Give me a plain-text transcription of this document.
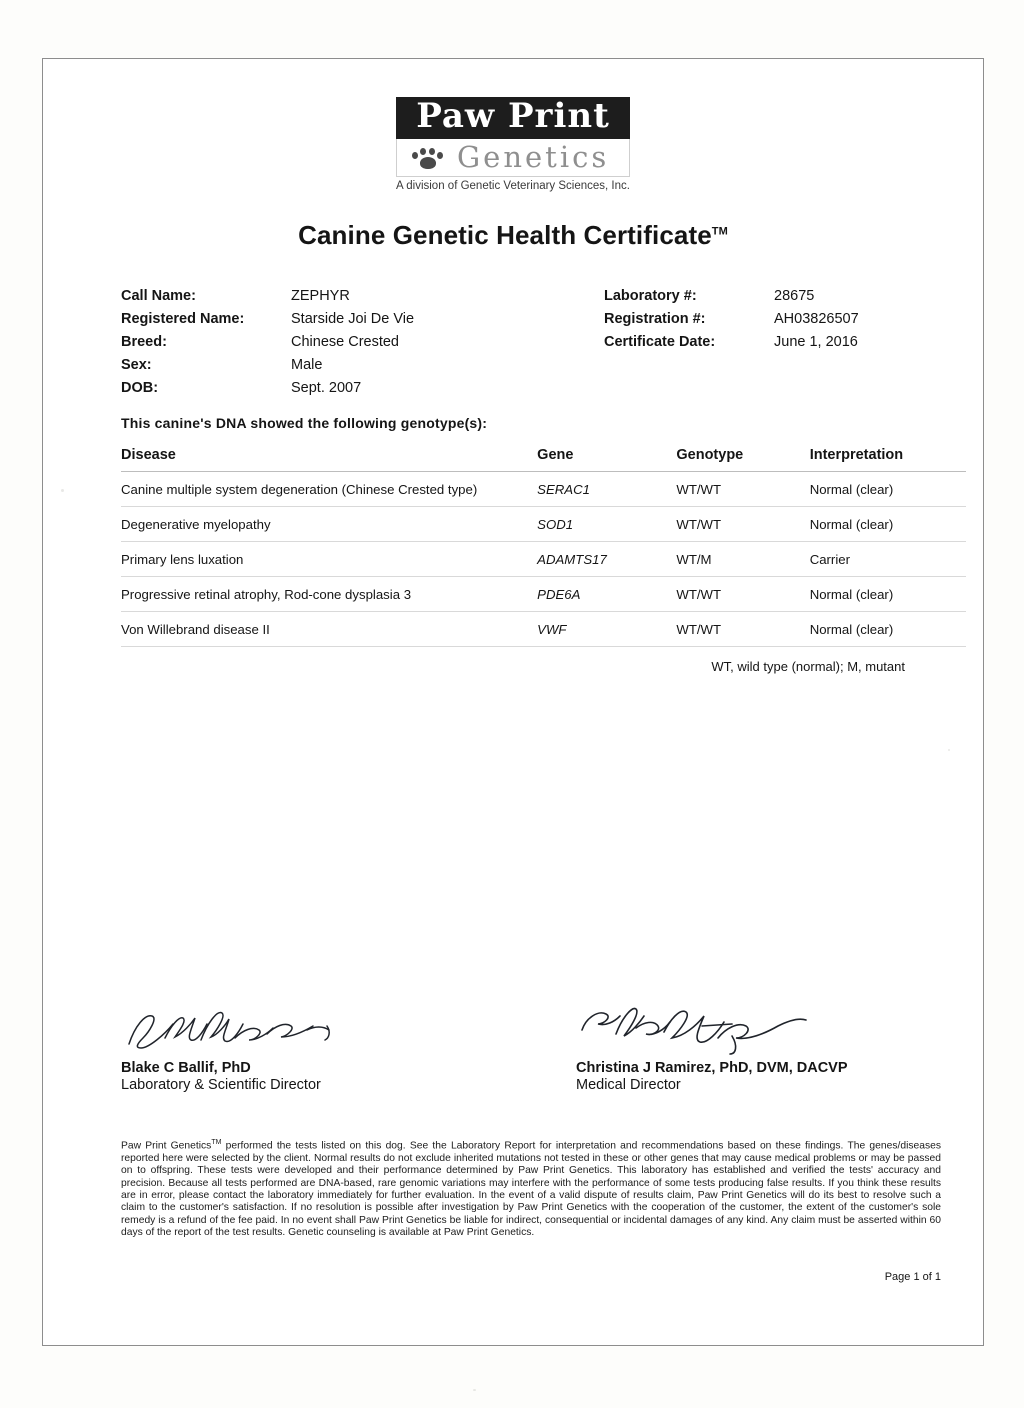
Paw Print
Genetics
A division of Genetic Veterinary Sciences, Inc.
Canine Genetic Health Certificate™
Call Name:	ZEPHYR
Registered Name:	Starside Joi De Vie
Breed:	Chinese Crested
Sex:	Male
DOB:	Sept. 2007
Laboratory #:	28675
Registration #:	AH03826507
Certificate Date:	June 1, 2016
This canine's DNA showed the following genotype(s):
Disease	Gene	Genotype	Interpretation
Canine multiple system degeneration (Chinese Crested type)	SERAC1	WT/WT	Normal (clear)
Degenerative myelopathy	SOD1	WT/WT	Normal (clear)
Primary lens luxation	ADAMTS17	WT/M	Carrier
Progressive retinal atrophy, Rod-cone dysplasia 3	PDE6A	WT/WT	Normal (clear)
Von Willebrand disease II	VWF	WT/WT	Normal (clear)
WT, wild type (normal); M, mutant
Blake C Ballif, PhD
Laboratory & Scientific Director
Christina J Ramirez, PhD, DVM, DACVP
Medical Director
Paw Print Genetics™ performed the tests listed on this dog. See the Laboratory Report for interpretation and recommendations based on these findings. The genes/diseases reported here were selected by the client. Normal results do not exclude inherited mutations not tested in these or other genes that may cause medical problems or may be passed on to offspring. These tests were developed and their performance determined by Paw Print Genetics. This laboratory has established and verified the tests' accuracy and precision. Because all tests performed are DNA-based, rare genomic variations may interfere with the performance of some tests producing false results. If you think these results are in error, please contact the laboratory immediately for further evaluation. In the event of a valid dispute of results claim, Paw Print Genetics will do its best to resolve such a claim to the customer's satisfaction. If no resolution is possible after investigation by Paw Print Genetics with the cooperation of the customer, the extent of the customer's sole remedy is a refund of the fee paid. In no event shall Paw Print Genetics be liable for indirect, consequential or incidental damages of any kind. Any claim must be asserted within 60 days of the report of the test results. Genetic counseling is available at Paw Print Genetics.
Page 1 of 1
